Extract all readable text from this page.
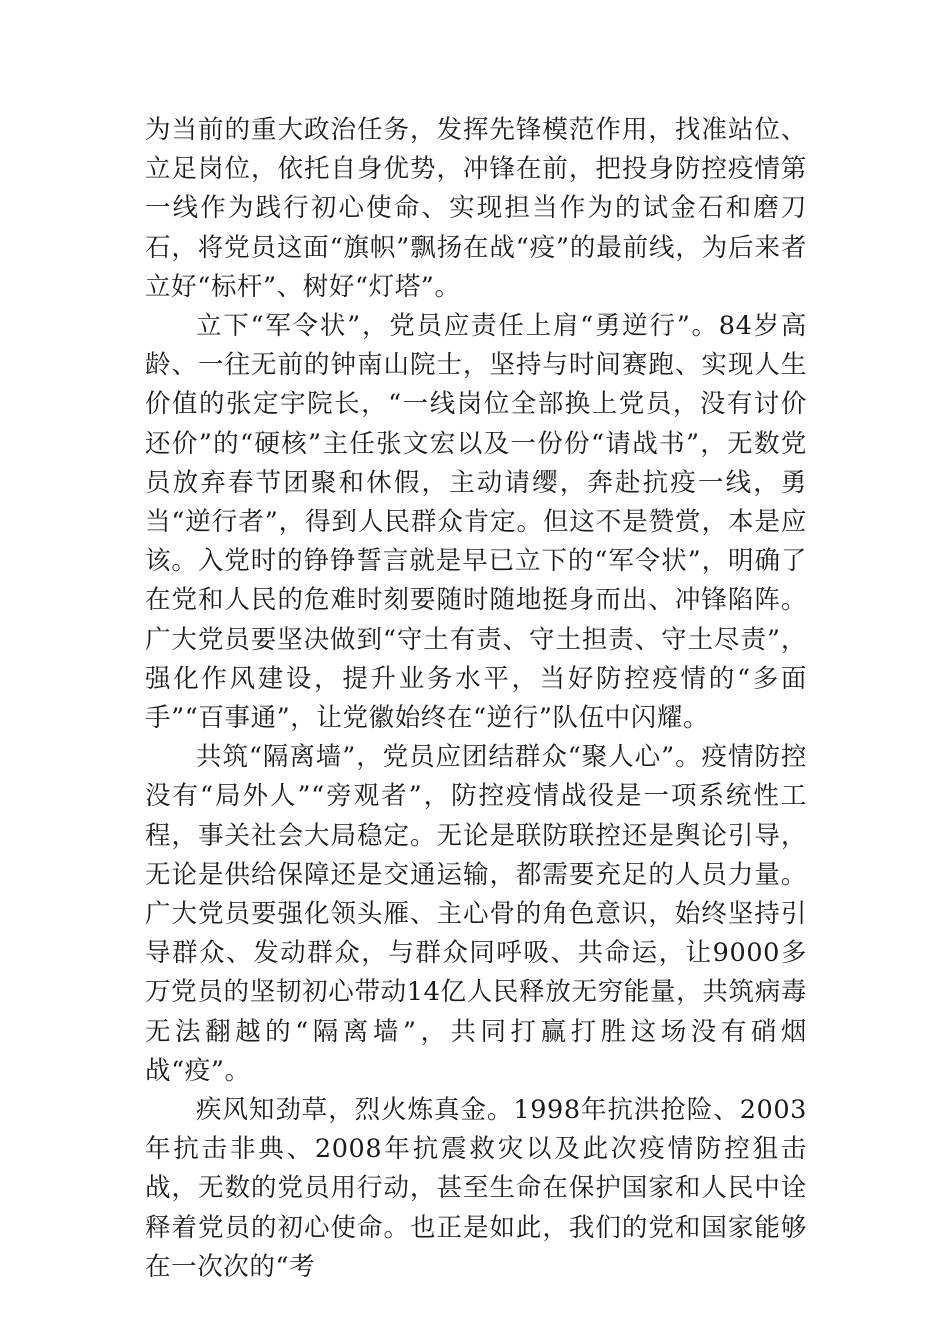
为当前的重大政治任务，发挥先锋模范作用，找准站位、立足岗位，依托自身优势，冲锋在前，把投身防控疫情第一线作为践行初心使命、实现担当作为的试金石和磨刀石，将党员这面“旗帜”飘扬在战“疫”的最前线，为后来者立好“标杆”、树好“灯塔”。

立下“军令状”，党员应责任上肩“勇逆行”。84岁高龄、一往无前的钟南山院士，坚持与时间赛跑、实现人生价值的张定宇院长，“一线岗位全部换上党员，没有讨价还价”的“硬核”主任张文宏以及一份份“请战书”，无数党员放弃春节团聚和休假，主动请缨，奔赴抗疫一线，勇当“逆行者”，得到人民群众肯定。但这不是赞赏，本是应该。入党时的铮铮誓言就是早已立下的“军令状”，明确了在党和人民的危难时刻要随时随地挺身而出、冲锋陷阵。广大党员要坚决做到“守土有责、守土担责、守土尽责”，强化作风建设，提升业务水平，当好防控疫情的“多面手”“百事通”，让党徽始终在“逆行”队伍中闪耀。

共筑“隔离墙”，党员应团结群众“聚人心”。疫情防控没有“局外人”“旁观者”，防控疫情战役是一项系统性工程，事关社会大局稳定。无论是联防联控还是舆论引导，无论是供给保障还是交通运输，都需要充足的人员力量。广大党员要强化领头雁、主心骨的角色意识，始终坚持引导群众、发动群众，与群众同呼吸、共命运，让9000多万党员的坚韧初心带动14亿人民释放无穷能量，共筑病毒无法翻越的“隔离墙”，共同打赢打胜这场没有硝烟战“疫”。

疾风知劲草，烈火炼真金。1998年抗洪抢险、2003年抗击非典、2008年抗震救灾以及此次疫情防控狙击战，无数的党员用行动，甚至生命在保护国家和人民中诠释着党员的初心使命。也正是如此，我们的党和国家能够在一次次的“考
